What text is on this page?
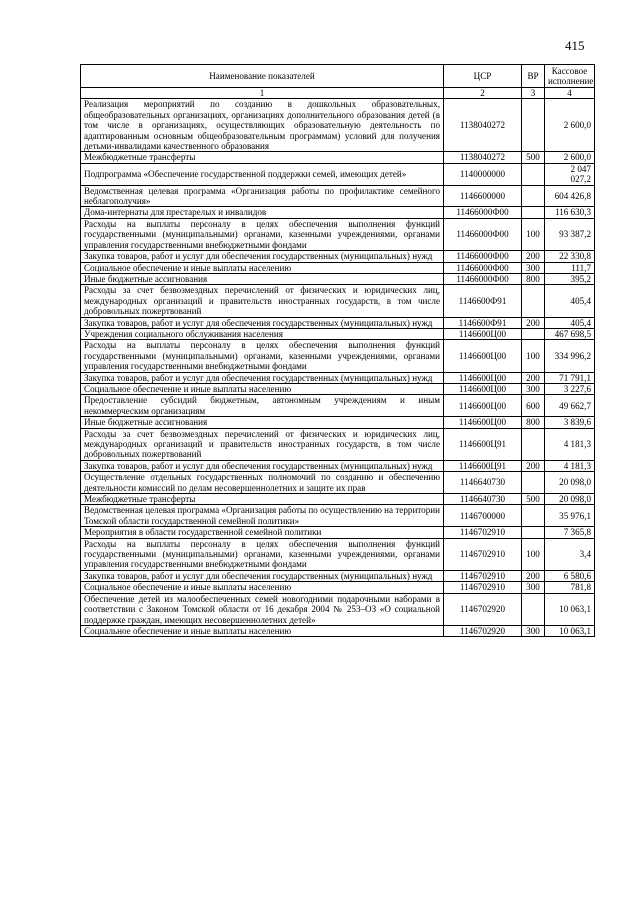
415
Наименование показателей	ЦСР	ВР	Кассовое исполнение
1	2	3	4
Реализация мероприятий по созданию в дошкольных образовательных, общеобразовательных организациях, организациях дополнительного образования детей (в том числе в организациях, осуществляющих образовательную деятельность по адаптированным основным общеобразовательным программам) условий для получения детьми-инвалидами качественного образования	1138040272		2 600,0
Межбюджетные трансферты	1138040272	500	2 600,0
Подпрограмма «Обеспечение государственной поддержки семей, имеющих детей»	1140000000		2 047 027,2
Ведомственная целевая программа «Организация работы по профилактике семейного неблагополучия»	1146600000		604 426,8
Дома-интернаты для престарелых и инвалидов	11466000Ф00		116 630,3
Расходы на выплаты персоналу в целях обеспечения выполнения функций государственными (муниципальными) органами, казенными учреждениями, органами управления государственными внебюджетными фондами	11466000Ф00	100	93 387,2
Закупка товаров, работ и услуг для обеспечения государственных (муниципальных) нужд	11466000Ф00	200	22 330,8
Социальное обеспечение и иные выплаты населению	11466000Ф00	300	111,7
Иные бюджетные ассигнования	11466000Ф00	800	395,2
Расходы за счет безвозмездных перечислений от физических и юридических лиц, международных организаций и правительств иностранных государств, в том числе добровольных пожертвований	1146600Ф91		405,4
Закупка товаров, работ и услуг для обеспечения государственных (муниципальных) нужд	1146600Ф91	200	405,4
Учреждения социального обслуживания населения	1146600Ц00		467 698,5
Расходы на выплаты персоналу в целях обеспечения выполнения функций государственными (муниципальными) органами, казенными учреждениями, органами управления государственными внебюджетными фондами	1146600Ц00	100	334 996,2
Закупка товаров, работ и услуг для обеспечения государственных (муниципальных) нужд	1146600Ц00	200	71 791,1
Социальное обеспечение и иные выплаты населению	1146600Ц00	300	3 227,6
Предоставление субсидий бюджетным, автономным учреждениям и иным некоммерческим организациям	1146600Ц00	600	49 662,7
Иные бюджетные ассигнования	1146600Ц00	800	3 839,6
Расходы за счет безвозмездных перечислений от физических и юридических лиц, международных организаций и правительств иностранных государств, в том числе добровольных пожертвований	1146600Ц91		4 181,3
Закупка товаров, работ и услуг для обеспечения государственных (муниципальных) нужд	1146600Ц91	200	4 181,3
Осуществление отдельных государственных полномочий по созданию и обеспечению деятельности комиссий по делам несовершеннолетних и защите их прав	1146640730		20 098,0
Межбюджетные трансферты	1146640730	500	20 098,0
Ведомственная целевая программа «Организация работы по осуществлению на территории Томской области государственной семейной политики»	1146700000		35 976,1
Мероприятия в области государственной семейной политики	1146702910		7 365,8
Расходы на выплаты персоналу в целях обеспечения выполнения функций государственными (муниципальными) органами, казенными учреждениями, органами управления государственными внебюджетными фондами	1146702910	100	3,4
Закупка товаров, работ и услуг для обеспечения государственных (муниципальных) нужд	1146702910	200	6 580,6
Социальное обеспечение и иные выплаты населению	1146702910	300	781,8
Обеспечение детей из малообеспеченных семей новогодними подарочными наборами в соответствии с Законом Томской области от 16 декабря 2004 № 253–ОЗ «О социальной поддержке граждан, имеющих несовершеннолетних детей»	1146702920		10 063,1
Социальное обеспечение и иные выплаты населению	1146702920	300	10 063,1
